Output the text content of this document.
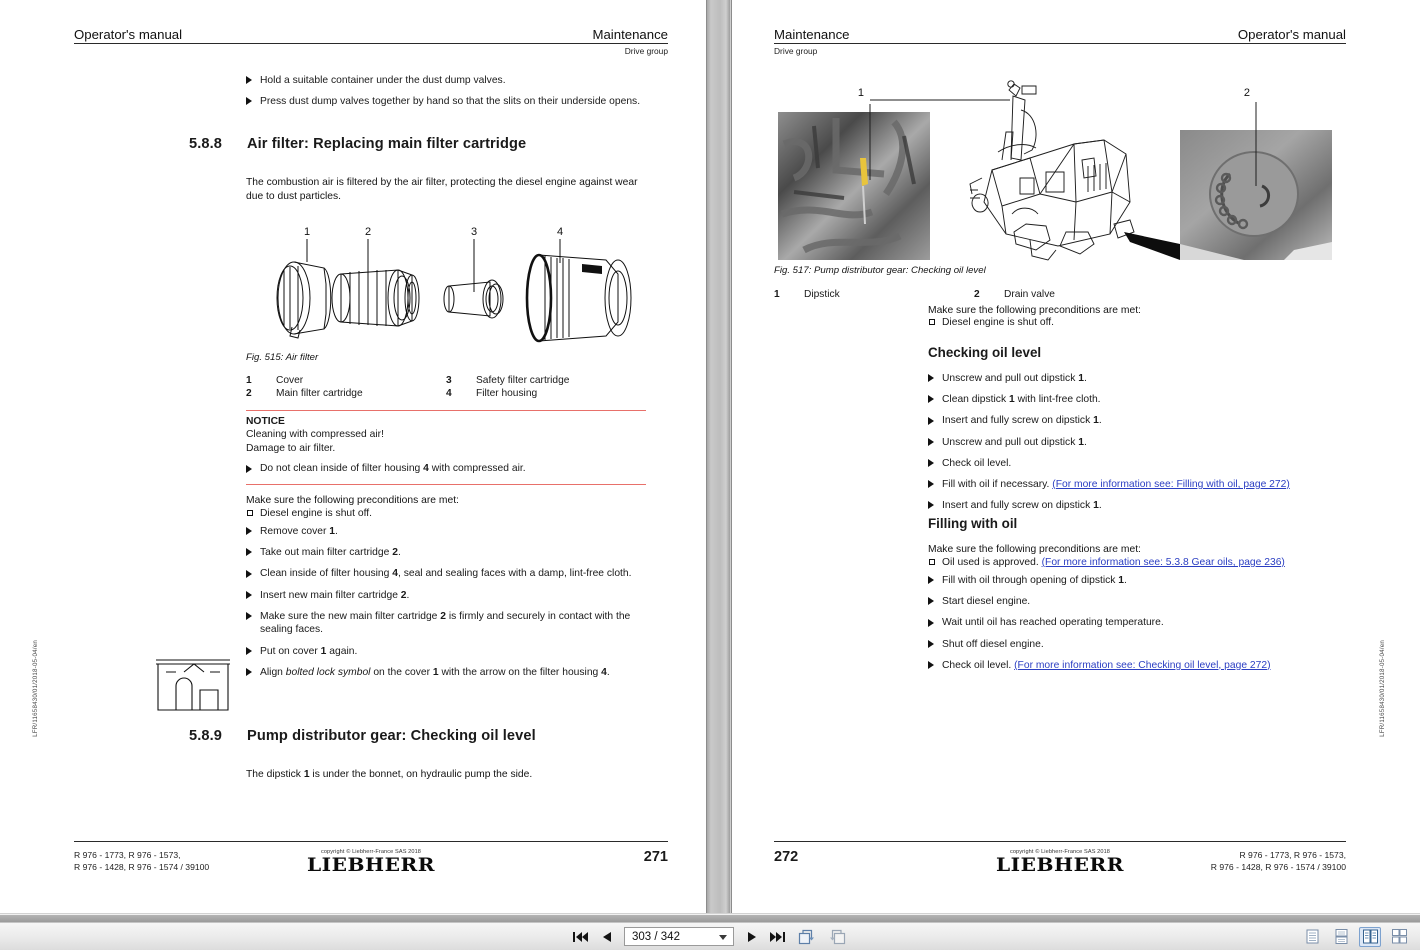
LFR/11658430/01/2018-05-04/en
Operator's manual	Maintenance
Drive group
Hold a suitable container under the dust dump valves.
Press dust dump valves together by hand so that the slits on their underside opens.
5.8.8	Air filter: Replacing main filter cartridge
The combustion air is filtered by the air filter, protecting the diesel engine against wear due to dust particles.
1	2	3	4
Fig. 515: Air filter
1	Cover	3	Safety filter cartridge
2	Main filter cartridge	4	Filter housing
NOTICE
Cleaning with compressed air!
Damage to air filter.
Do not clean inside of filter housing 4 with compressed air.
Make sure the following preconditions are met:
Diesel engine is shut off.
Remove cover 1.
Take out main filter cartridge 2.
Clean inside of filter housing 4, seal and sealing faces with a damp, lint-free cloth.
Insert new main filter cartridge 2.
Make sure the new main filter cartridge 2 is firmly and securely in contact with the sealing faces.
Put on cover 1 again.
Align bolted lock symbol on the cover 1 with the arrow on the filter housing 4.
5.8.9	Pump distributor gear: Checking oil level
The dipstick 1 is under the bonnet, on hydraulic pump the side.
R 976 - 1773, R 976 - 1573,
R 976 - 1428, R 976 - 1574 / 39100
copyright © Liebherr-France SAS 2018
LIEBHERR	271
LFR/11658430/01/2018-05-04/en
Maintenance	Operator's manual
Drive group
1	2
Fig. 517: Pump distributor gear: Checking oil level
1	Dipstick	2	Drain valve
Make sure the following preconditions are met:
Diesel engine is shut off.
Checking oil level
Unscrew and pull out dipstick 1.
Clean dipstick 1 with lint-free cloth.
Insert and fully screw on dipstick 1.
Unscrew and pull out dipstick 1.
Check oil level.
Fill with oil if necessary. (For more information see: Filling with oil, page 272)
Insert and fully screw on dipstick 1.
Filling with oil
Make sure the following preconditions are met:
Oil used is approved. (For more information see: 5.3.8 Gear oils, page 236)
Fill with oil through opening of dipstick 1.
Start diesel engine.
Wait until oil has reached operating temperature.
Shut off diesel engine.
Check oil level. (For more information see: Checking oil level, page 272)
272	copyright © Liebherr-France SAS 2018
LIEBHERR	R 976 - 1773, R 976 - 1573,
R 976 - 1428, R 976 - 1574 / 39100
303 / 342
